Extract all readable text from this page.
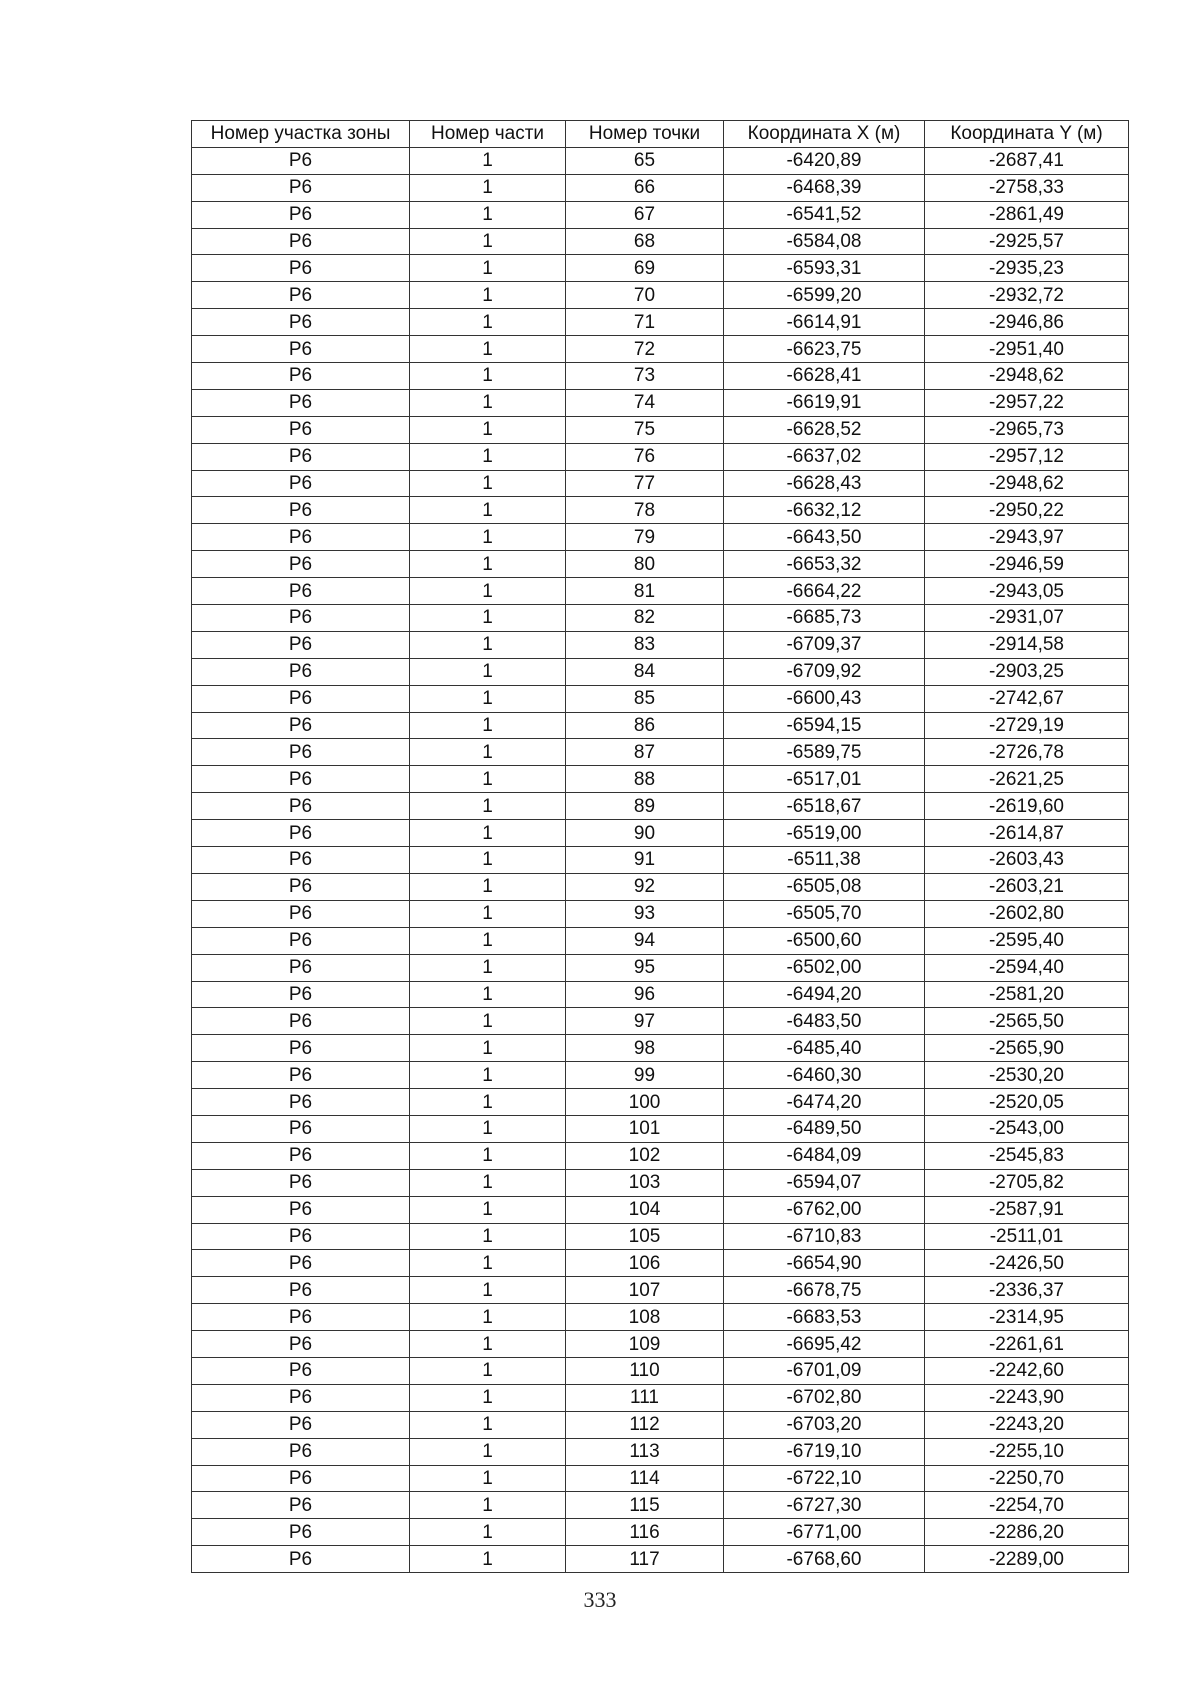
Номер участка зоны	Номер части	Номер точки	Координата X (м)	Координата Y (м)
Р6	1	65	-6420,89	-2687,41
Р6	1	66	-6468,39	-2758,33
Р6	1	67	-6541,52	-2861,49
Р6	1	68	-6584,08	-2925,57
Р6	1	69	-6593,31	-2935,23
Р6	1	70	-6599,20	-2932,72
Р6	1	71	-6614,91	-2946,86
Р6	1	72	-6623,75	-2951,40
Р6	1	73	-6628,41	-2948,62
Р6	1	74	-6619,91	-2957,22
Р6	1	75	-6628,52	-2965,73
Р6	1	76	-6637,02	-2957,12
Р6	1	77	-6628,43	-2948,62
Р6	1	78	-6632,12	-2950,22
Р6	1	79	-6643,50	-2943,97
Р6	1	80	-6653,32	-2946,59
Р6	1	81	-6664,22	-2943,05
Р6	1	82	-6685,73	-2931,07
Р6	1	83	-6709,37	-2914,58
Р6	1	84	-6709,92	-2903,25
Р6	1	85	-6600,43	-2742,67
Р6	1	86	-6594,15	-2729,19
Р6	1	87	-6589,75	-2726,78
Р6	1	88	-6517,01	-2621,25
Р6	1	89	-6518,67	-2619,60
Р6	1	90	-6519,00	-2614,87
Р6	1	91	-6511,38	-2603,43
Р6	1	92	-6505,08	-2603,21
Р6	1	93	-6505,70	-2602,80
Р6	1	94	-6500,60	-2595,40
Р6	1	95	-6502,00	-2594,40
Р6	1	96	-6494,20	-2581,20
Р6	1	97	-6483,50	-2565,50
Р6	1	98	-6485,40	-2565,90
Р6	1	99	-6460,30	-2530,20
Р6	1	100	-6474,20	-2520,05
Р6	1	101	-6489,50	-2543,00
Р6	1	102	-6484,09	-2545,83
Р6	1	103	-6594,07	-2705,82
Р6	1	104	-6762,00	-2587,91
Р6	1	105	-6710,83	-2511,01
Р6	1	106	-6654,90	-2426,50
Р6	1	107	-6678,75	-2336,37
Р6	1	108	-6683,53	-2314,95
Р6	1	109	-6695,42	-2261,61
Р6	1	110	-6701,09	-2242,60
Р6	1	111	-6702,80	-2243,90
Р6	1	112	-6703,20	-2243,20
Р6	1	113	-6719,10	-2255,10
Р6	1	114	-6722,10	-2250,70
Р6	1	115	-6727,30	-2254,70
Р6	1	116	-6771,00	-2286,20
Р6	1	117	-6768,60	-2289,00
333
